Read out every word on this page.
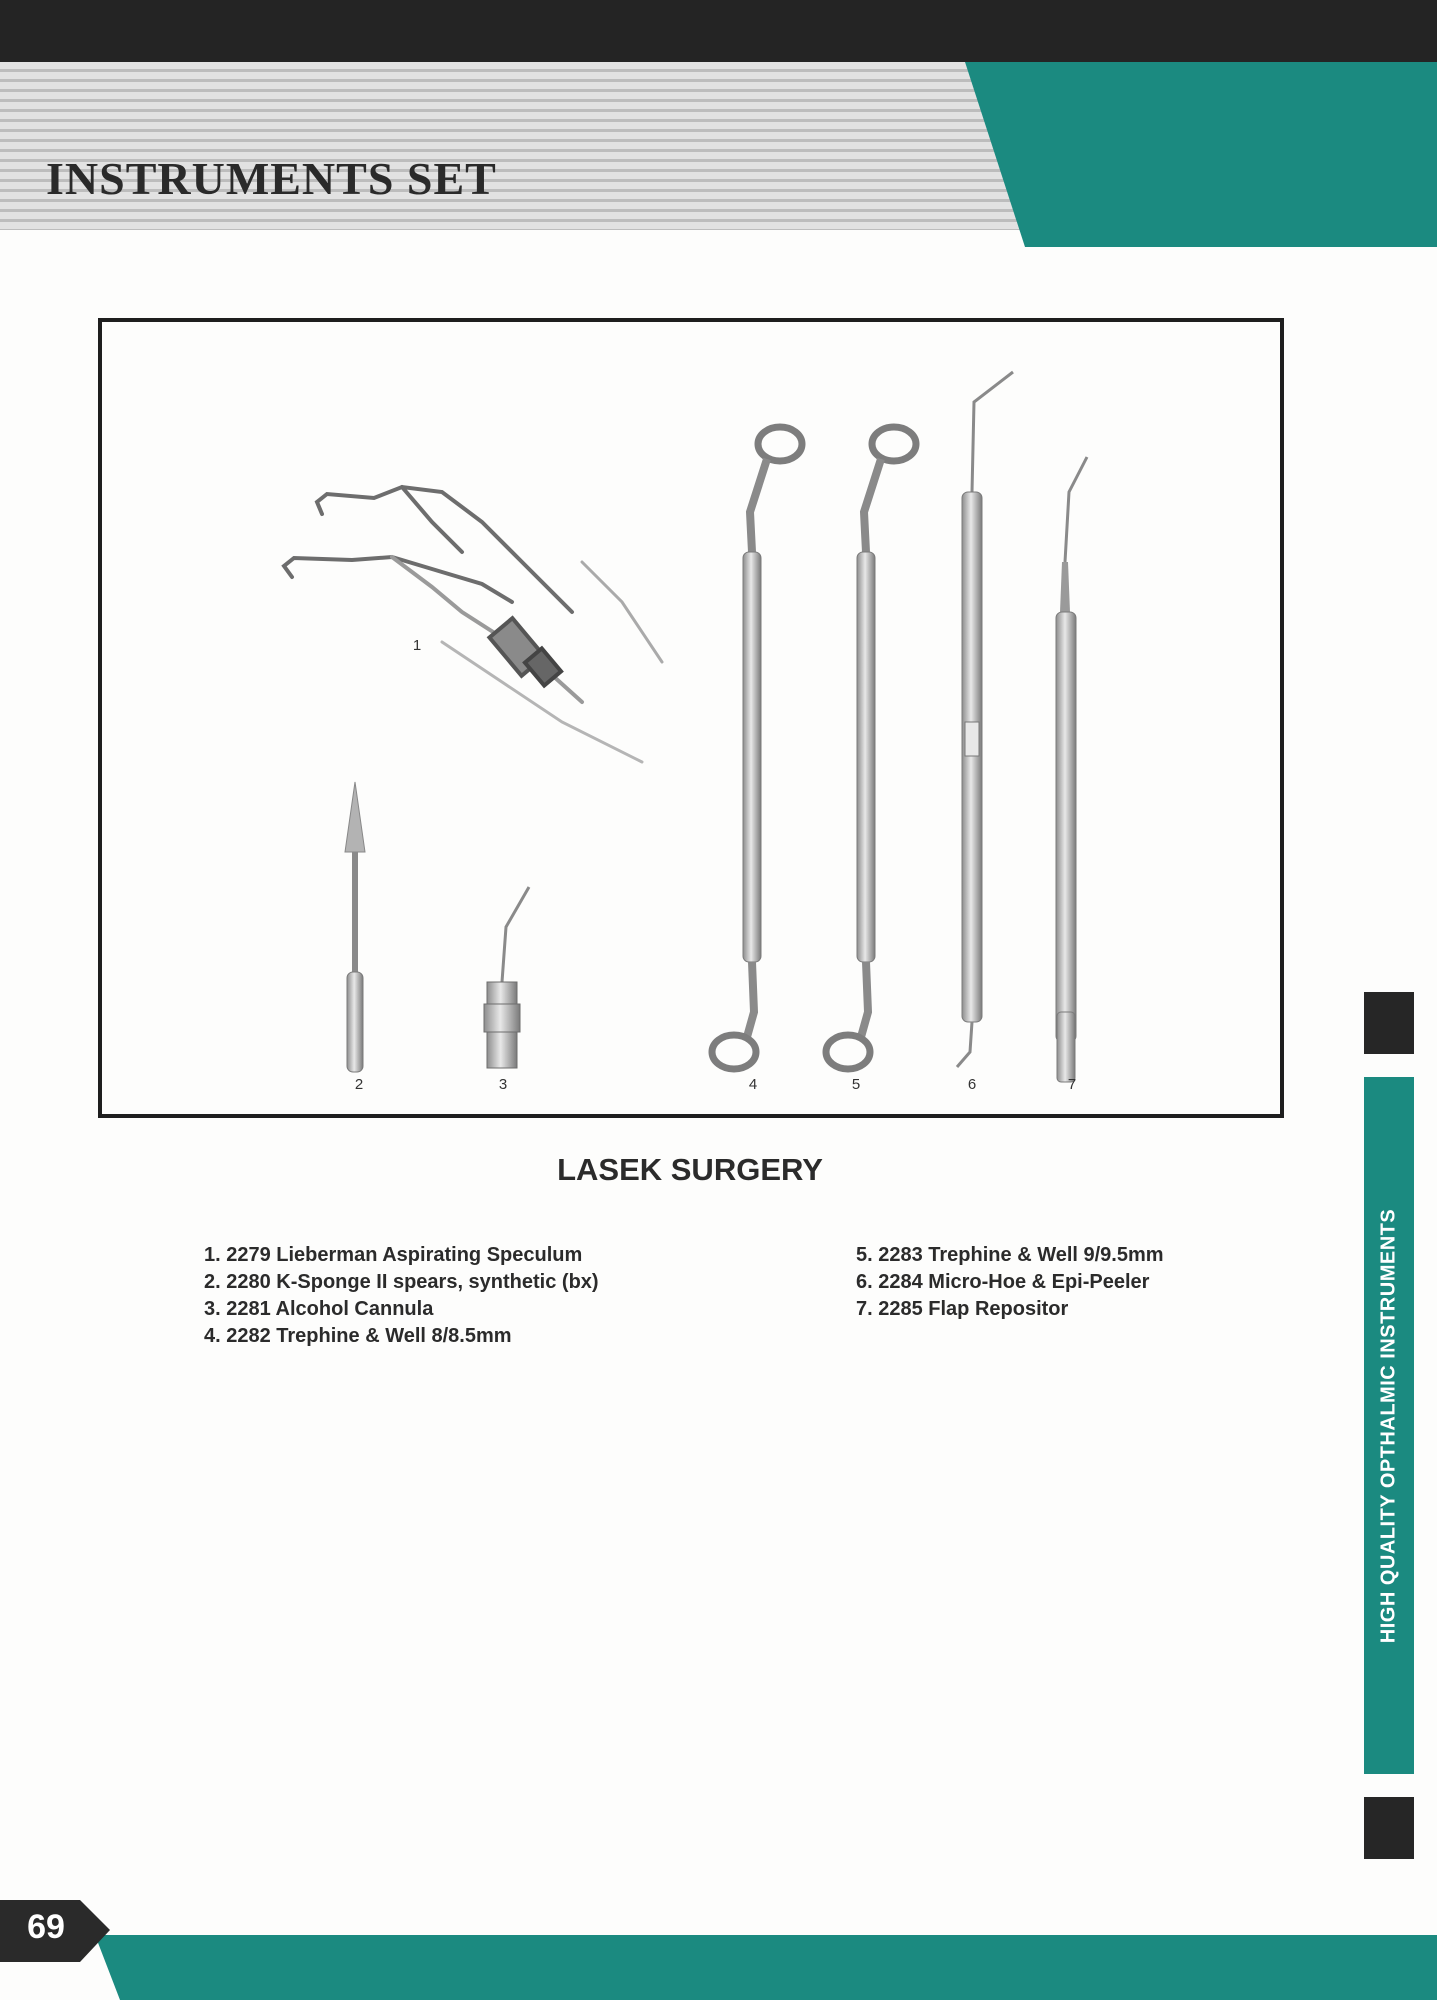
INSTRUMENTS SET
1
2	3	4	5	6	7
LASEK SURGERY
1. 2279 Lieberman Aspirating Speculum
2. 2280 K-Sponge II spears, synthetic (bx)
3. 2281 Alcohol Cannula
4. 2282 Trephine & Well 8/8.5mm
5. 2283 Trephine & Well 9/9.5mm
6. 2284 Micro-Hoe & Epi-Peeler
7. 2285 Flap Repositor	HIGH QUALITY OPTHALMIC INSTRUMENTS
69
